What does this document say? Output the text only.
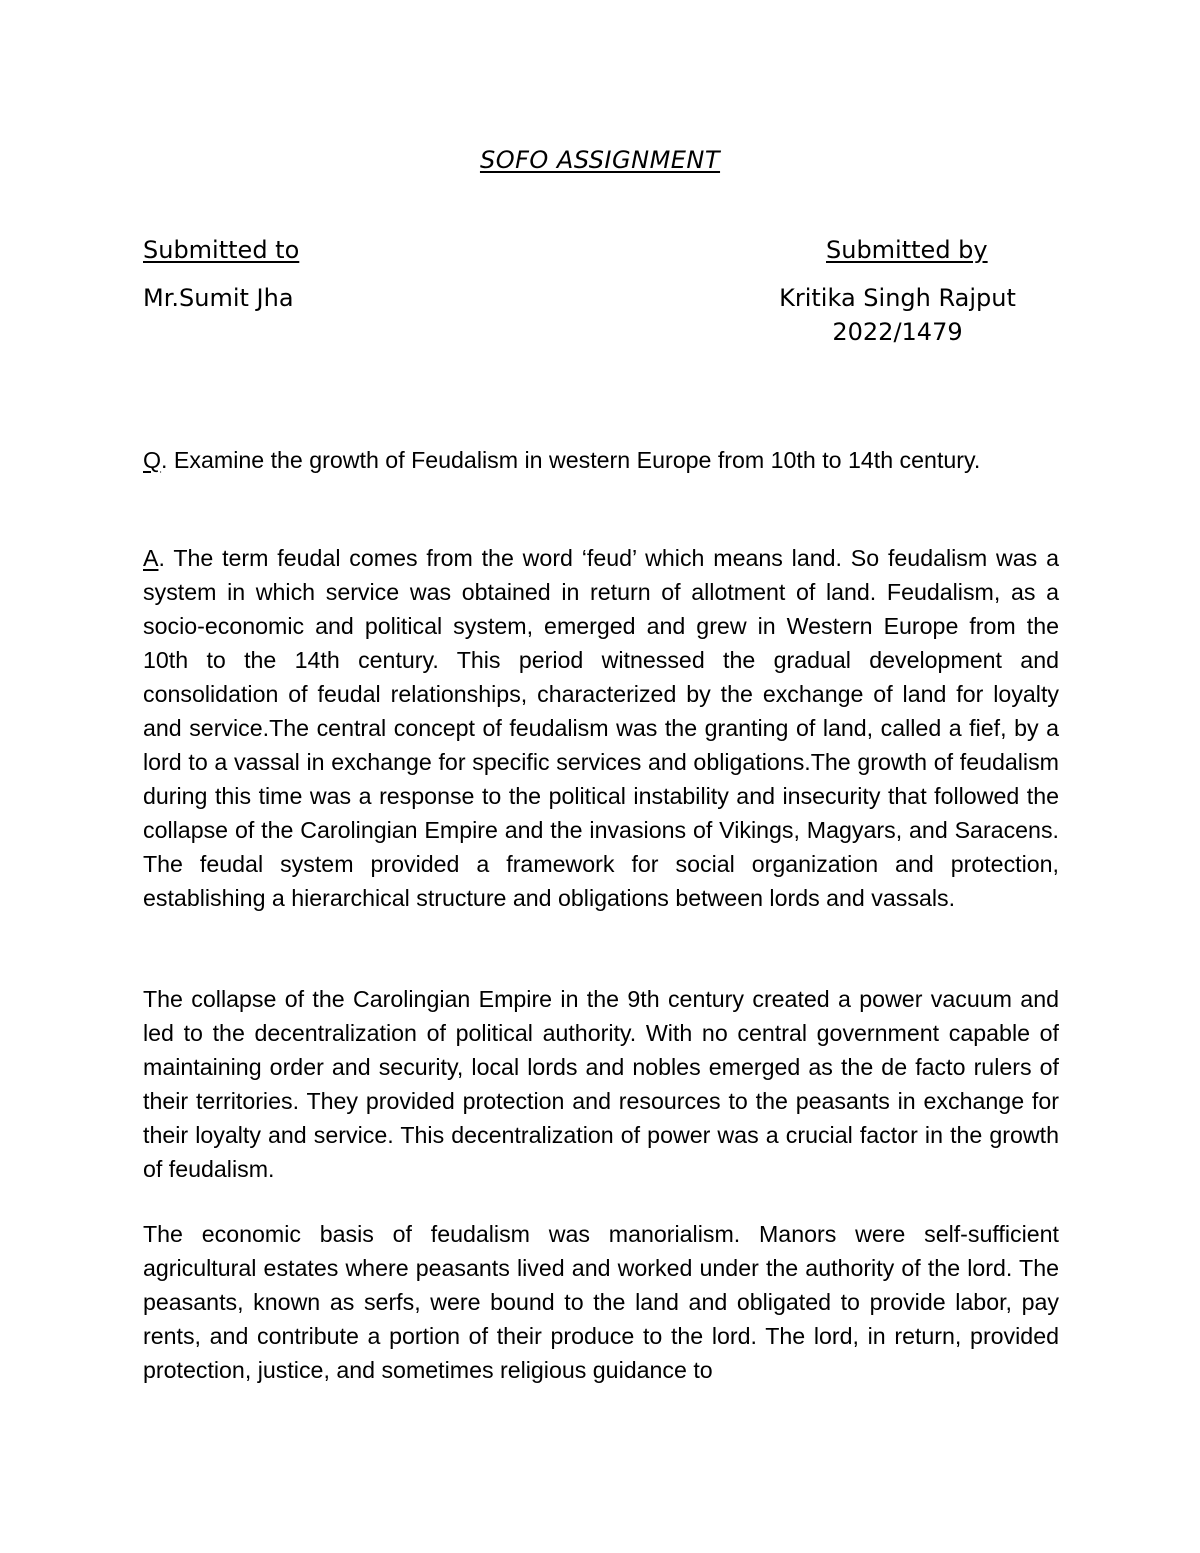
SOFO ASSIGNMENT
Submitted to	Submitted by
Mr.Sumit Jha	Kritika Singh Rajput
2022/1479

Q. Examine the growth of Feudalism in western Europe from 10th to 14th century.

A. The term feudal comes from the word ‘feud’ which means land. So feudalism was a system in which service was obtained in return of allotment of land. Feudalism, as a socio-economic and political system, emerged and grew in Western Europe from the 10th to the 14th century. This period witnessed the gradual development and consolidation of feudal relationships, characterized by the exchange of land for loyalty and service.The central concept of feudalism was the granting of land, called a fief, by a lord to a vassal in exchange for specific services and obligations.The growth of feudalism during this time was a response to the political instability and insecurity that followed the collapse of the Carolingian Empire and the invasions of Vikings, Magyars, and Saracens. The feudal system provided a framework for social organization and protection, establishing a hierarchical structure and obligations between lords and vassals.

The collapse of the Carolingian Empire in the 9th century created a power vacuum and led to the decentralization of political authority. With no central government capable of maintaining order and security, local lords and nobles emerged as the de facto rulers of their territories. They provided protection and resources to the peasants in exchange for their loyalty and service. This decentralization of power was a crucial factor in the growth of feudalism.

The economic basis of feudalism was manorialism. Manors were self-sufficient agricultural estates where peasants lived and worked under the authority of the lord. The peasants, known as serfs, were bound to the land and obligated to provide labor, pay rents, and contribute a portion of their produce to the lord. The lord, in return, provided protection, justice, and sometimes religious guidance to
